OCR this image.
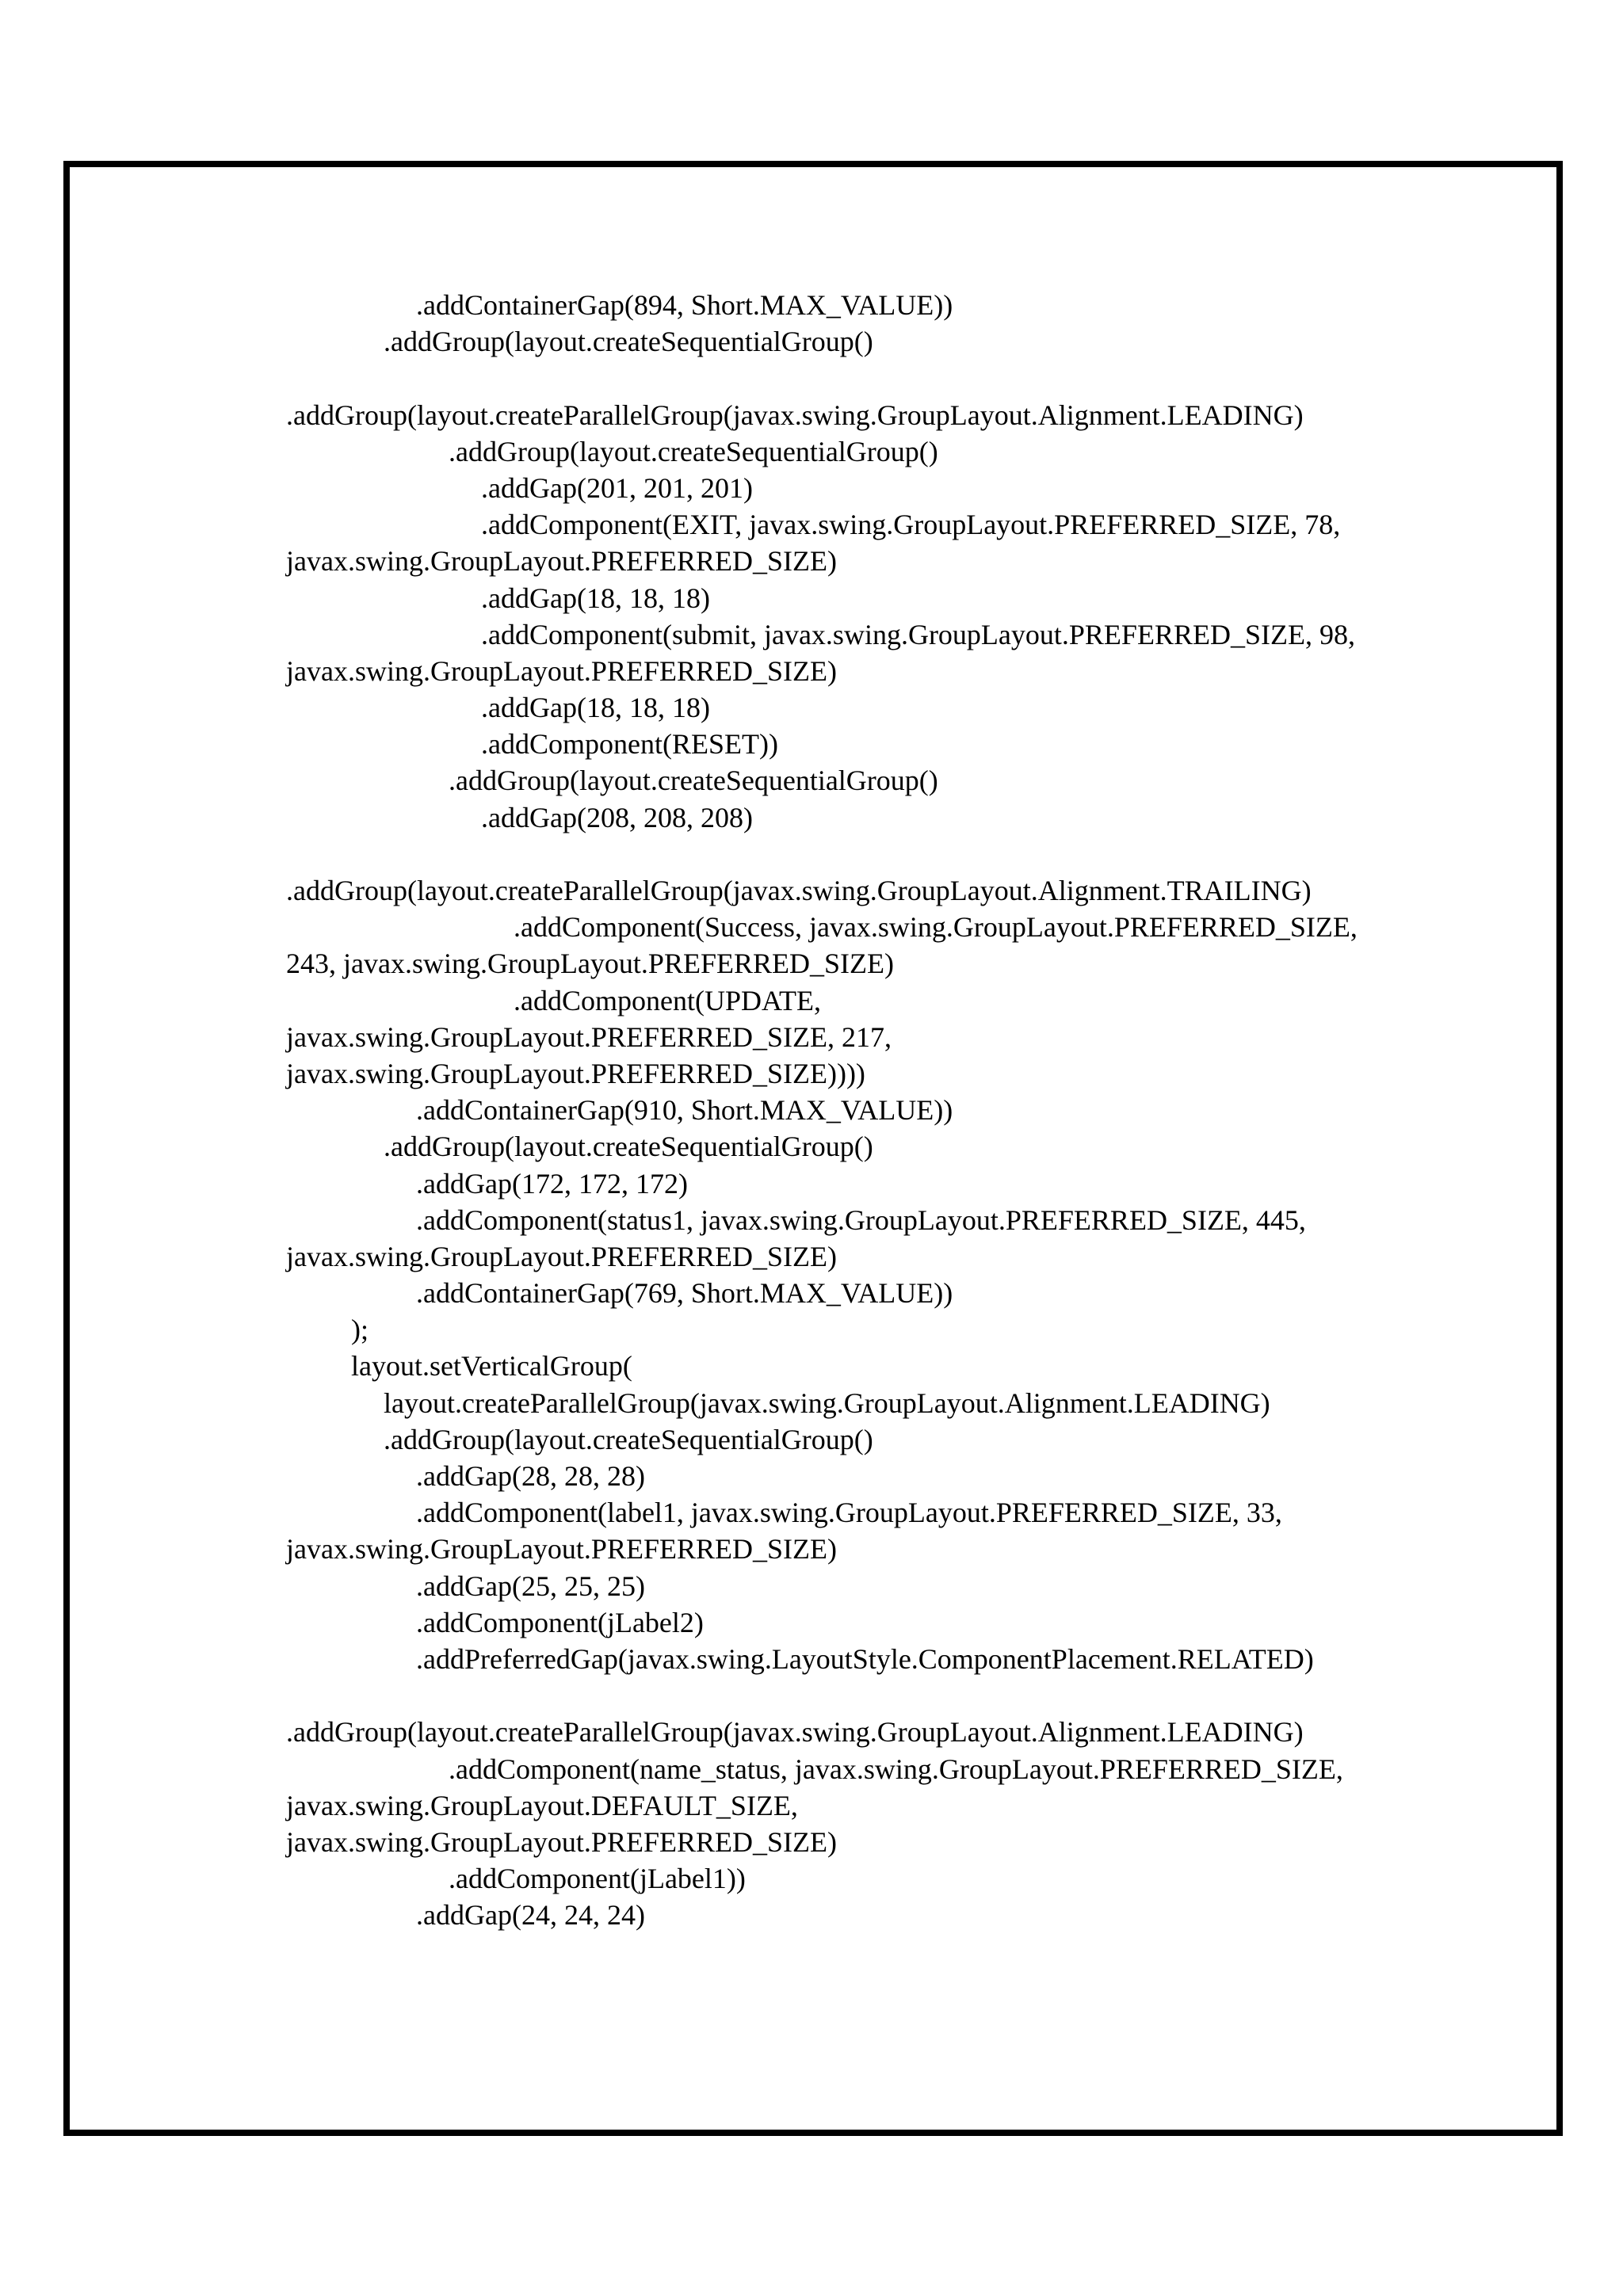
.addContainerGap(894, Short.MAX_VALUE))
.addGroup(layout.createSequentialGroup()
.addGroup(layout.createParallelGroup(javax.swing.GroupLayout.Alignment.LEADING)
.addGroup(layout.createSequentialGroup()
.addGap(201, 201, 201)
.addComponent(EXIT, javax.swing.GroupLayout.PREFERRED_SIZE, 78,
javax.swing.GroupLayout.PREFERRED_SIZE)
.addGap(18, 18, 18)
.addComponent(submit, javax.swing.GroupLayout.PREFERRED_SIZE, 98,
javax.swing.GroupLayout.PREFERRED_SIZE)
.addGap(18, 18, 18)
.addComponent(RESET))
.addGroup(layout.createSequentialGroup()
.addGap(208, 208, 208)
.addGroup(layout.createParallelGroup(javax.swing.GroupLayout.Alignment.TRAILING)
.addComponent(Success, javax.swing.GroupLayout.PREFERRED_SIZE,
243, javax.swing.GroupLayout.PREFERRED_SIZE)
.addComponent(UPDATE,
javax.swing.GroupLayout.PREFERRED_SIZE, 217,
javax.swing.GroupLayout.PREFERRED_SIZE))))
.addContainerGap(910, Short.MAX_VALUE))
.addGroup(layout.createSequentialGroup()
.addGap(172, 172, 172)
.addComponent(status1, javax.swing.GroupLayout.PREFERRED_SIZE, 445,
javax.swing.GroupLayout.PREFERRED_SIZE)
.addContainerGap(769, Short.MAX_VALUE))
);
layout.setVerticalGroup(
layout.createParallelGroup(javax.swing.GroupLayout.Alignment.LEADING)
.addGroup(layout.createSequentialGroup()
.addGap(28, 28, 28)
.addComponent(label1, javax.swing.GroupLayout.PREFERRED_SIZE, 33,
javax.swing.GroupLayout.PREFERRED_SIZE)
.addGap(25, 25, 25)
.addComponent(jLabel2)
.addPreferredGap(javax.swing.LayoutStyle.ComponentPlacement.RELATED)
.addGroup(layout.createParallelGroup(javax.swing.GroupLayout.Alignment.LEADING)
.addComponent(name_status, javax.swing.GroupLayout.PREFERRED_SIZE,
javax.swing.GroupLayout.DEFAULT_SIZE,
javax.swing.GroupLayout.PREFERRED_SIZE)
.addComponent(jLabel1))
.addGap(24, 24, 24)
